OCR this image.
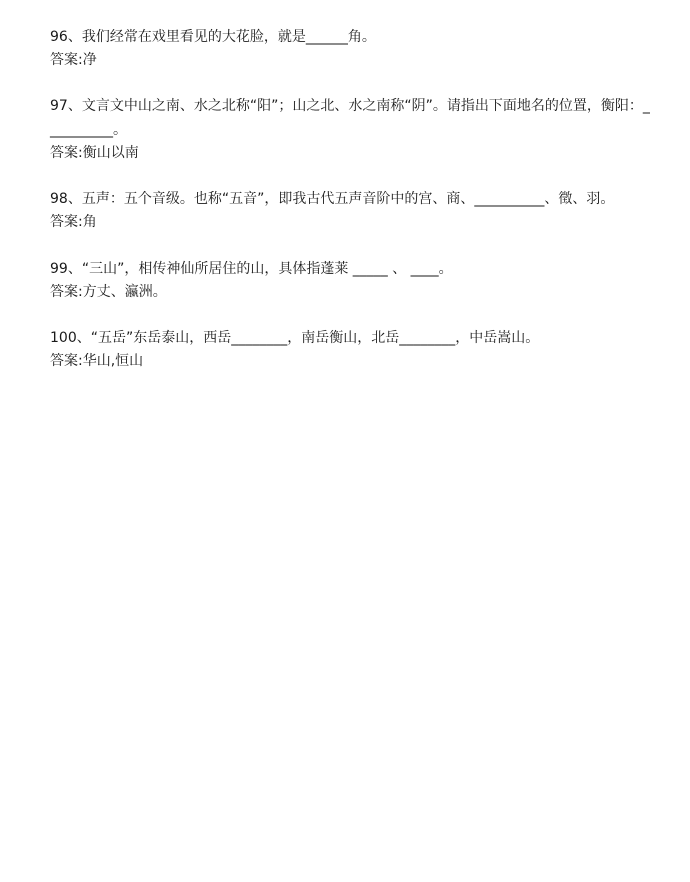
96、我们经常在戏里看见的大花脸，就是______角。

答案:净

97、文言文中山之南、水之北称“阳”；山之北、水之南称“阴”。请指出下面地名的位置，衡阳：__________。

答案:衡山以南

98、五声：五个音级。也称“五音”，即我古代五声音阶中的宫、商、__________、徵、羽。

答案:角

99、“三山”，相传神仙所居住的山，具体指蓬莱 _____ 、 ____。

答案:方丈、瀛洲。

100、“五岳”东岳泰山，西岳________，南岳衡山，北岳________，中岳嵩山。

答案:华山,恒山
